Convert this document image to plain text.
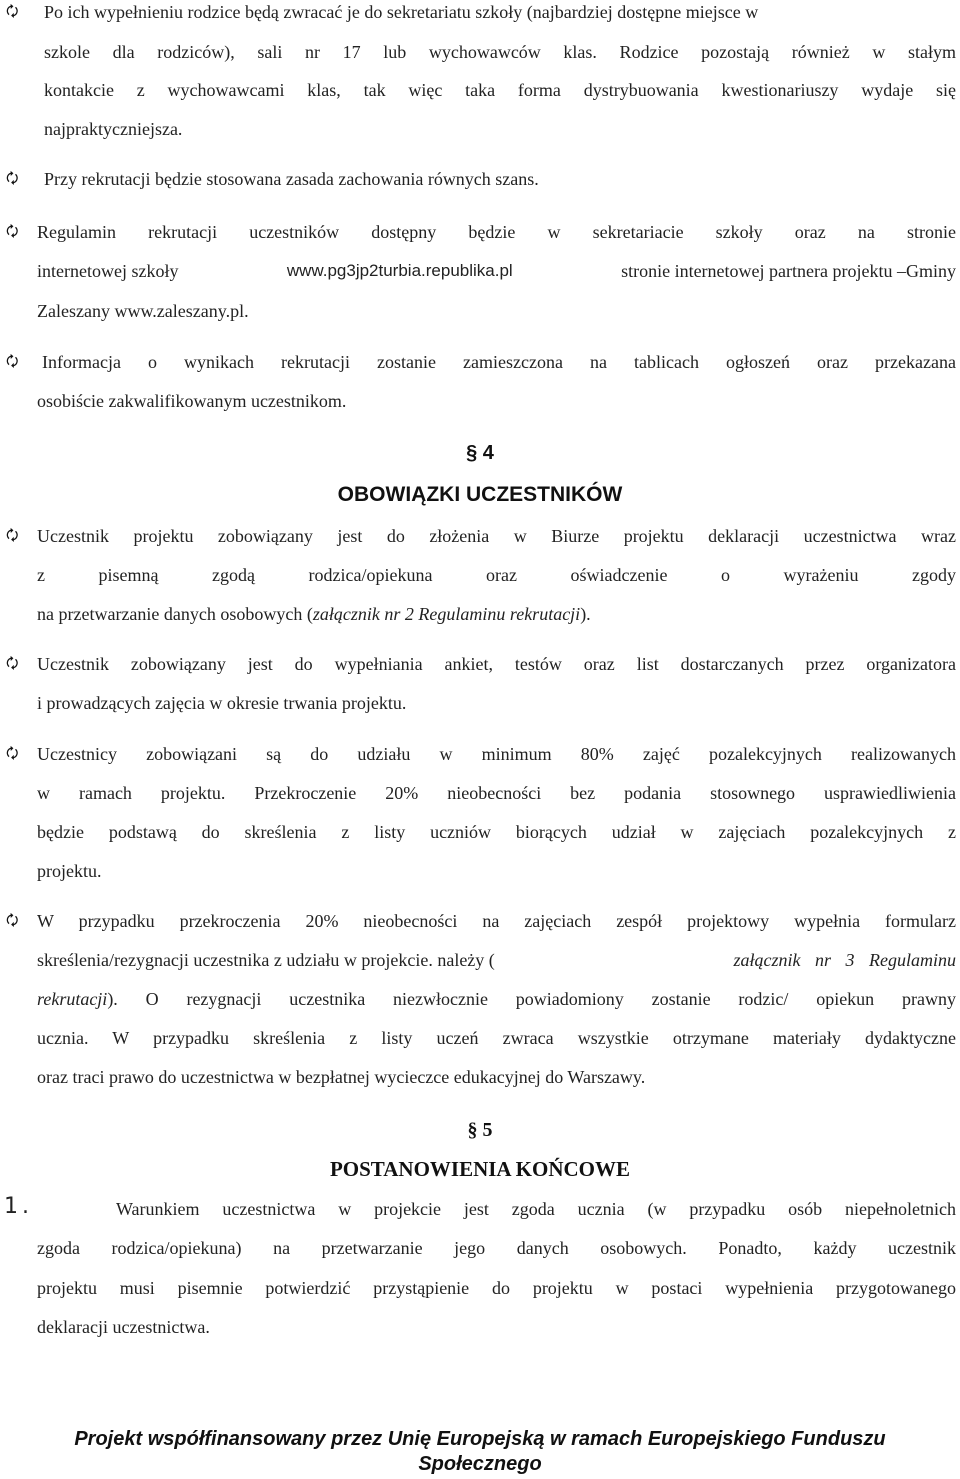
🗘 Po ich wypełnieniu rodzice będą zwracać je do sekretariatu szkoły (najbardziej dostępne miejsce w
szkole dla rodziców), sali nr 17 lub wychowawców klas. Rodzice pozostają również w stałym
kontakcie z wychowawcami klas, tak więc taka forma dystrybuowania kwestionariuszy wydaje się
najpraktyczniejsza.
🗘 Przy rekrutacji będzie stosowana zasada zachowania równych szans.
🗘 Regulamin rekrutacji uczestników dostępny będzie w sekretariacie szkoły oraz na stronie
internetowej szkoły	www.pg3jp2turbia.republika.pl	stronie internetowej partnera projektu –Gminy
Zaleszany www.zaleszany.pl.
🗘 Informacja o wynikach rekrutacji zostanie zamieszczona na tablicach ogłoszeń oraz przekazana
osobiście zakwalifikowanym uczestnikom.
§ 4
OBOWIĄZKI UCZESTNIKÓW
🗘 Uczestnik projektu zobowiązany jest do złożenia w Biurze projektu deklaracji uczestnictwa wraz
z pisemną zgodą rodzica/opiekuna oraz oświadczenie o wyrażeniu zgody
na przetwarzanie danych osobowych (załącznik nr 2 Regulaminu rekrutacji).
🗘 Uczestnik zobowiązany jest do wypełniania ankiet, testów oraz list dostarczanych przez organizatora
i prowadzących zajęcia w okresie trwania projektu.
🗘 Uczestnicy zobowiązani są do udziału w minimum 80% zajęć pozalekcyjnych realizowanych
w ramach projektu. Przekroczenie 20% nieobecności bez podania stosownego usprawiedliwienia
będzie podstawą do skreślenia z listy uczniów biorących udział w zajęciach pozalekcyjnych z
projektu.
🗘 W przypadku przekroczenia 20% nieobecności na zajęciach zespół projektowy wypełnia formularz
skreślenia/rezygnacji uczestnika z udziału w projekcie. należy (	załącznik nr 3 Regulaminu
rekrutacji ). O rezygnacji uczestnika niezwłocznie powiadomiony zostanie rodzic/ opiekun prawny
ucznia. W przypadku skreślenia z listy uczeń zwraca wszystkie otrzymane materiały dydaktyczne
oraz traci prawo do uczestnictwa w bezpłatnej wycieczce edukacyjnej do Warszawy.
§ 5
POSTANOWIENIA KOŃCOWE
1.	Warunkiem uczestnictwa w projekcie jest zgoda ucznia (w przypadku osób niepełnoletnich
zgoda rodzica/opiekuna) na przetwarzanie jego danych osobowych. Ponadto, każdy uczestnik
projektu musi pisemnie potwierdzić przystąpienie do projektu w postaci wypełnienia przygotowanego
deklaracji uczestnictwa.
Projekt współfinansowany przez Unię Europejską w ramach Europejskiego Funduszu
Społecznego
